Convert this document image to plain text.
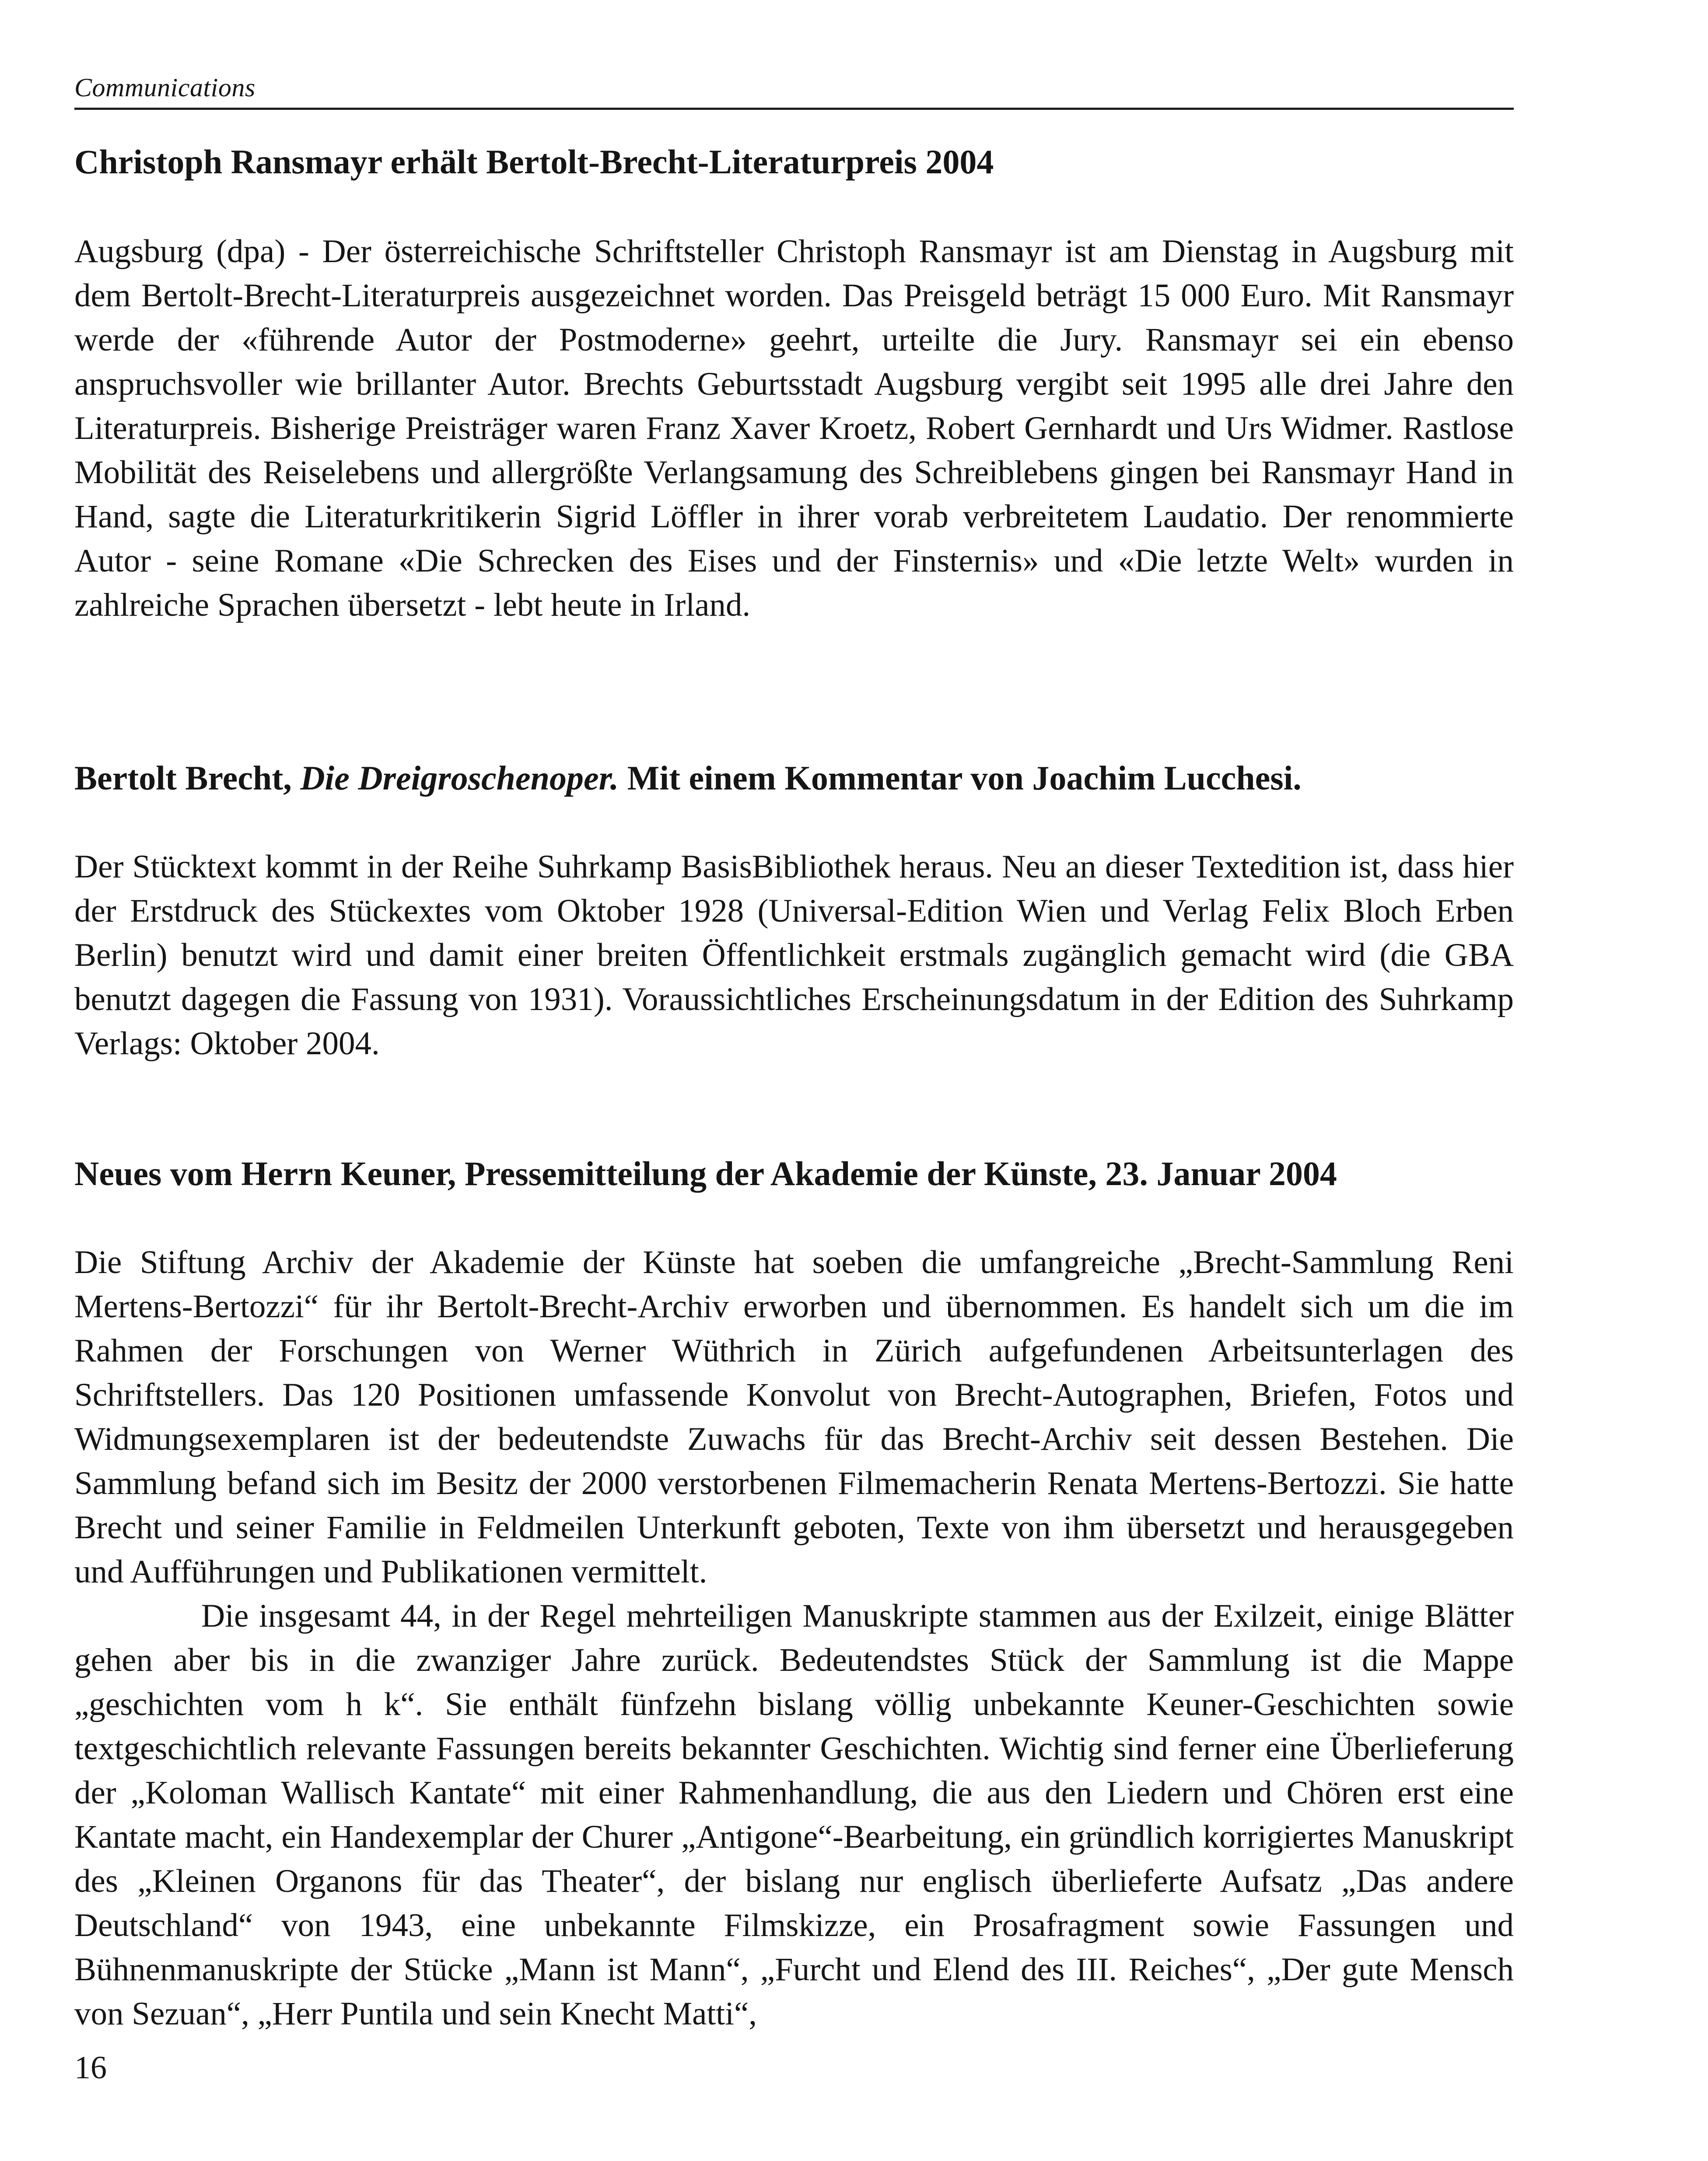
Communications
Christoph Ransmayr erhält Bertolt-Brecht-Literaturpreis 2004

Augsburg (dpa) - Der österreichische Schriftsteller Christoph Ransmayr ist am Dienstag in Augsburg mit dem Bertolt-Brecht-Literaturpreis ausgezeichnet worden. Das Preisgeld beträgt 15 000 Euro. Mit Ransmayr werde der «führende Autor der Postmoderne» geehrt, urteilte die Jury. Ransmayr sei ein ebenso anspruchsvoller wie brillanter Autor. Brechts Geburtsstadt Augsburg vergibt seit 1995 alle drei Jahre den Literaturpreis. Bisherige Preisträger waren Franz Xaver Kroetz, Robert Gernhardt und Urs Widmer. Rastlose Mobilität des Reiselebens und allergrößte Verlangsamung des Schreiblebens gingen bei Ransmayr Hand in Hand, sagte die Literaturkritikerin Sigrid Löffler in ihrer vorab verbreitetem Laudatio. Der renommierte Autor - seine Romane «Die Schrecken des Eises und der Finsternis» und «Die letzte Welt» wurden in zahlreiche Sprachen übersetzt - lebt heute in Irland.

Bertolt Brecht, Die Dreigroschenoper. Mit einem Kommentar von Joachim Lucchesi.

Der Stücktext kommt in der Reihe Suhrkamp BasisBibliothek heraus. Neu an dieser Textedition ist, dass hier der Erstdruck des Stückextes vom Oktober 1928 (Universal-Edition Wien und Verlag Felix Bloch Erben Berlin) benutzt wird und damit einer breiten Öffentlichkeit erstmals zugänglich gemacht wird (die GBA benutzt dagegen die Fassung von 1931). Voraussichtliches Erscheinungsdatum in der Edition des Suhrkamp Verlags: Oktober 2004.

Neues vom Herrn Keuner, Pressemitteilung der Akademie der Künste, 23. Januar 2004

Die Stiftung Archiv der Akademie der Künste hat soeben die umfangreiche „Brecht-Sammlung Reni Mertens-Bertozzi“ für ihr Bertolt-Brecht-Archiv erworben und übernommen. Es handelt sich um die im Rahmen der Forschungen von Werner Wüthrich in Zürich aufgefundenen Arbeitsunterlagen des Schriftstellers. Das 120 Positionen umfassende Konvolut von Brecht-Autographen, Briefen, Fotos und Widmungsexemplaren ist der bedeutendste Zuwachs für das Brecht-Archiv seit dessen Bestehen. Die Sammlung befand sich im Besitz der 2000 verstorbenen Filmemacherin Renata Mertens-Bertozzi. Sie hatte Brecht und seiner Familie in Feldmeilen Unterkunft geboten, Texte von ihm übersetzt und herausgegeben und Aufführungen und Publikationen vermittelt.

Die insgesamt 44, in der Regel mehrteiligen Manuskripte stammen aus der Exilzeit, einige Blätter gehen aber bis in die zwanziger Jahre zurück. Bedeutendstes Stück der Sammlung ist die Mappe „geschichten vom h k“. Sie enthält fünfzehn bislang völlig unbekannte Keuner-Geschichten sowie textgeschichtlich relevante Fassungen bereits bekannter Geschichten. Wichtig sind ferner eine Überlieferung der „Koloman Wallisch Kantate“ mit einer Rahmenhandlung, die aus den Liedern und Chören erst eine Kantate macht, ein Handexemplar der Churer „Antigone“-Bearbeitung, ein gründlich korrigiertes Manuskript des „Kleinen Organons für das Theater“, der bislang nur englisch überlieferte Aufsatz „Das andere Deutschland“ von 1943, eine unbekannte Filmskizze, ein Prosafragment sowie Fassungen und Bühnenmanuskripte der Stücke „Mann ist Mann“, „Furcht und Elend des III. Reiches“, „Der gute Mensch von Sezuan“, „Herr Puntila und sein Knecht Matti“,

16
